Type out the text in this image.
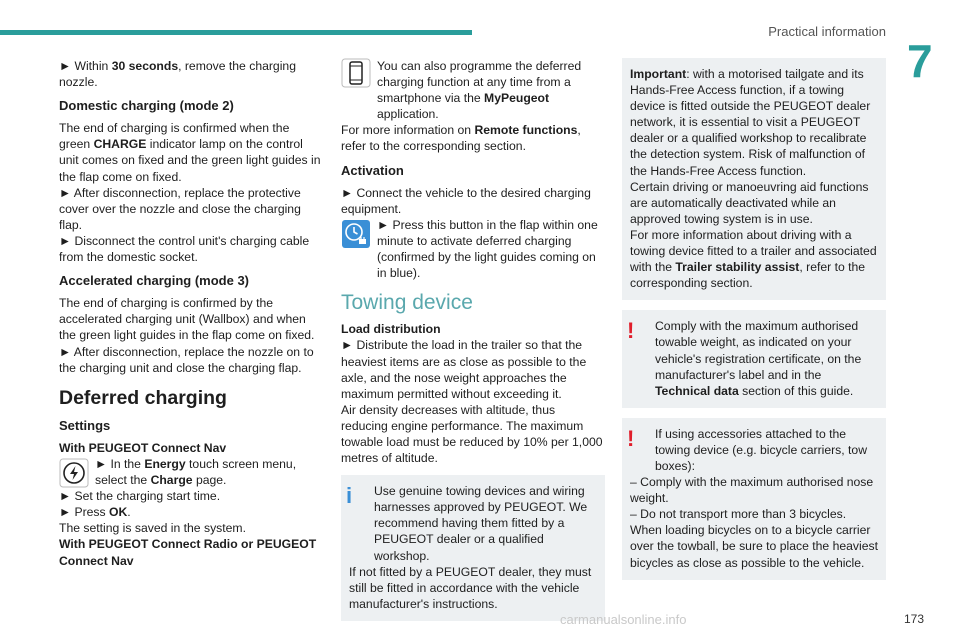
Practical information
7

► Within 30 seconds, remove the charging nozzle.

Domestic charging (mode 2)

The end of charging is confirmed when the green CHARGE indicator lamp on the control unit comes on fixed and the green light guides in the flap come on fixed.

► After disconnection, replace the protective cover over the nozzle and close the charging flap.

► Disconnect the control unit's charging cable from the domestic socket.

Accelerated charging (mode 3)

The end of charging is confirmed by the accelerated charging unit (Wallbox) and when the green light guides in the flap come on fixed.

► After disconnection, replace the nozzle on to the charging unit and close the charging flap.

Deferred charging
Settings

With PEUGEOT Connect Nav

► In the Energy touch screen menu, select the Charge page.

► Set the charging start time.

► Press OK.

The setting is saved in the system.

With PEUGEOT Connect Radio or PEUGEOT Connect Nav

You can also programme the deferred charging function at any time from a smartphone via the MyPeugeot application.

For more information on Remote functions, refer to the corresponding section.

Activation

► Connect the vehicle to the desired charging equipment.

► Press this button in the flap within one minute to activate deferred charging (confirmed by the light guides coming on in blue).

Towing device

Load distribution

► Distribute the load in the trailer so that the heaviest items are as close as possible to the axle, and the nose weight approaches the maximum permitted without exceeding it.

Air density decreases with altitude, thus reducing engine performance. The maximum towable load must be reduced by 10% per 1,000 metres of altitude.

i	Use genuine towing devices and wiring harnesses approved by PEUGEOT. We recommend having them fitted by a PEUGEOT dealer or a qualified workshop.

If not fitted by a PEUGEOT dealer, they must still be fitted in accordance with the vehicle manufacturer's instructions.

Important: with a motorised tailgate and its Hands-Free Access function, if a towing device is fitted outside the PEUGEOT dealer network, it is essential to visit a PEUGEOT dealer or a qualified workshop to recalibrate the detection system. Risk of malfunction of the Hands-Free Access function.

Certain driving or manoeuvring aid functions are automatically deactivated while an approved towing system is in use.

For more information about driving with a towing device fitted to a trailer and associated with the Trailer stability assist, refer to the corresponding section.

!	Comply with the maximum authorised towable weight, as indicated on your vehicle's registration certificate, on the manufacturer's label and in the Technical data section of this guide.

!	If using accessories attached to the towing device (e.g. bicycle carriers, tow boxes):

– Comply with the maximum authorised nose weight.

– Do not transport more than 3 bicycles.

When loading bicycles on to a bicycle carrier over the towball, be sure to place the heaviest bicycles as close as possible to the vehicle.

carmanualsonline.info	173
